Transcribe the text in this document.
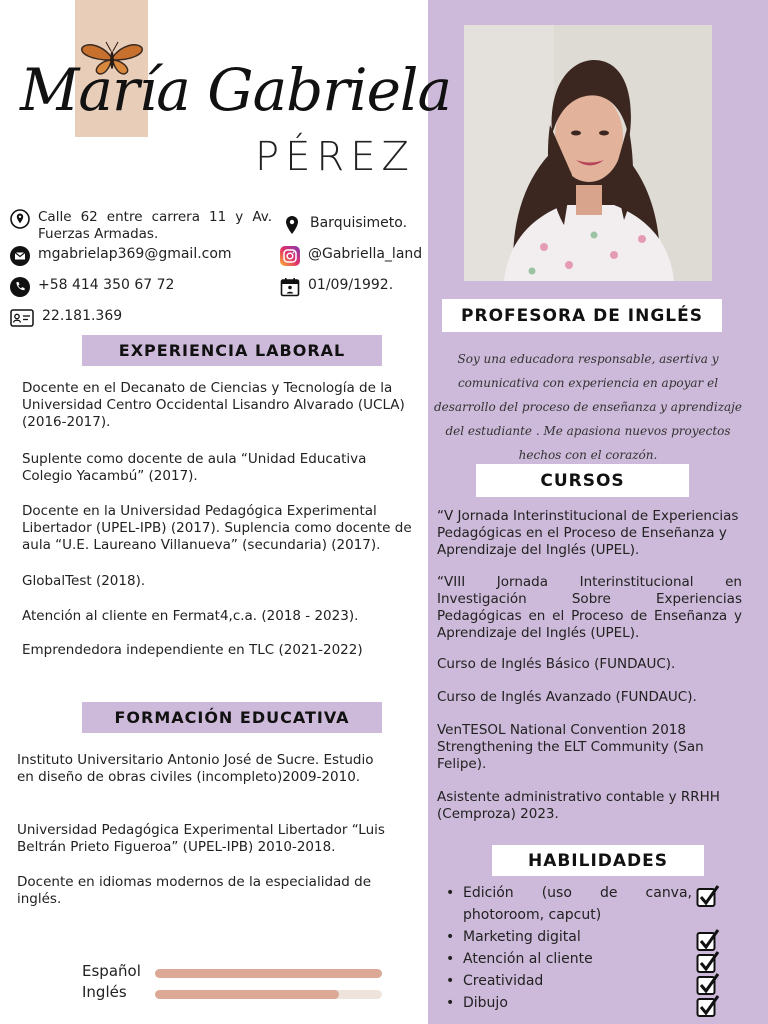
María Gabriela
PÉREZ
Calle 62 entre carrera 11 y Av. Fuerzas Armadas.
Barquisimeto.
mgabrielap369@gmail.com	@Gabriella_land
+58 414 350 67 72	01/09/1992.
22.181.369
EXPERIENCIA LABORAL
Docente en el Decanato de Ciencias y Tecnología de la Universidad Centro Occidental Lisandro Alvarado (UCLA) (2016-2017).
Suplente como docente de aula “Unidad Educativa Colegio Yacambú” (2017).
Docente en la Universidad Pedagógica Experimental Libertador (UPEL-IPB) (2017). Suplencia como docente de aula “U.E. Laureano Villanueva” (secundaria) (2017).
GlobalTest (2018).
Atención al cliente en Fermat4,c.a. (2018 - 2023).
Emprendedora independiente en TLC (2021-2022)
FORMACIÓN EDUCATIVA
Instituto Universitario Antonio José de Sucre. Estudio en diseño de obras civiles (incompleto)2009-2010.
Universidad Pedagógica Experimental Libertador “Luis Beltrán Prieto Figueroa” (UPEL-IPB) 2010-2018.
Docente en idiomas modernos de la especialidad de inglés.
Español
Inglés
PROFESORA DE INGLÉS
Soy una educadora responsable, asertiva y comunicativa con experiencia en apoyar el desarrollo del proceso de enseñanza y aprendizaje del estudiante . Me apasiona nuevos proyectos hechos con el corazón.
CURSOS
“V Jornada Interinstitucional de Experiencias Pedagógicas en el Proceso de Enseñanza y Aprendizaje del Inglés (UPEL).
“VIII Jornada Interinstitucional en Investigación Sobre Experiencias Pedagógicas en el Proceso de Enseñanza y Aprendizaje del Inglés (UPEL).
Curso de Inglés Básico (FUNDAUC).
Curso de Inglés Avanzado (FUNDAUC).
VenTESOL National Convention 2018 Strengthening the ELT Community (San Felipe).
Asistente administrativo contable y RRHH (Cemproza) 2023.
HABILIDADES
• Edición (uso de canva, photoroom, capcut)
• Marketing digital
• Atención al cliente
• Creatividad
• Dibujo
